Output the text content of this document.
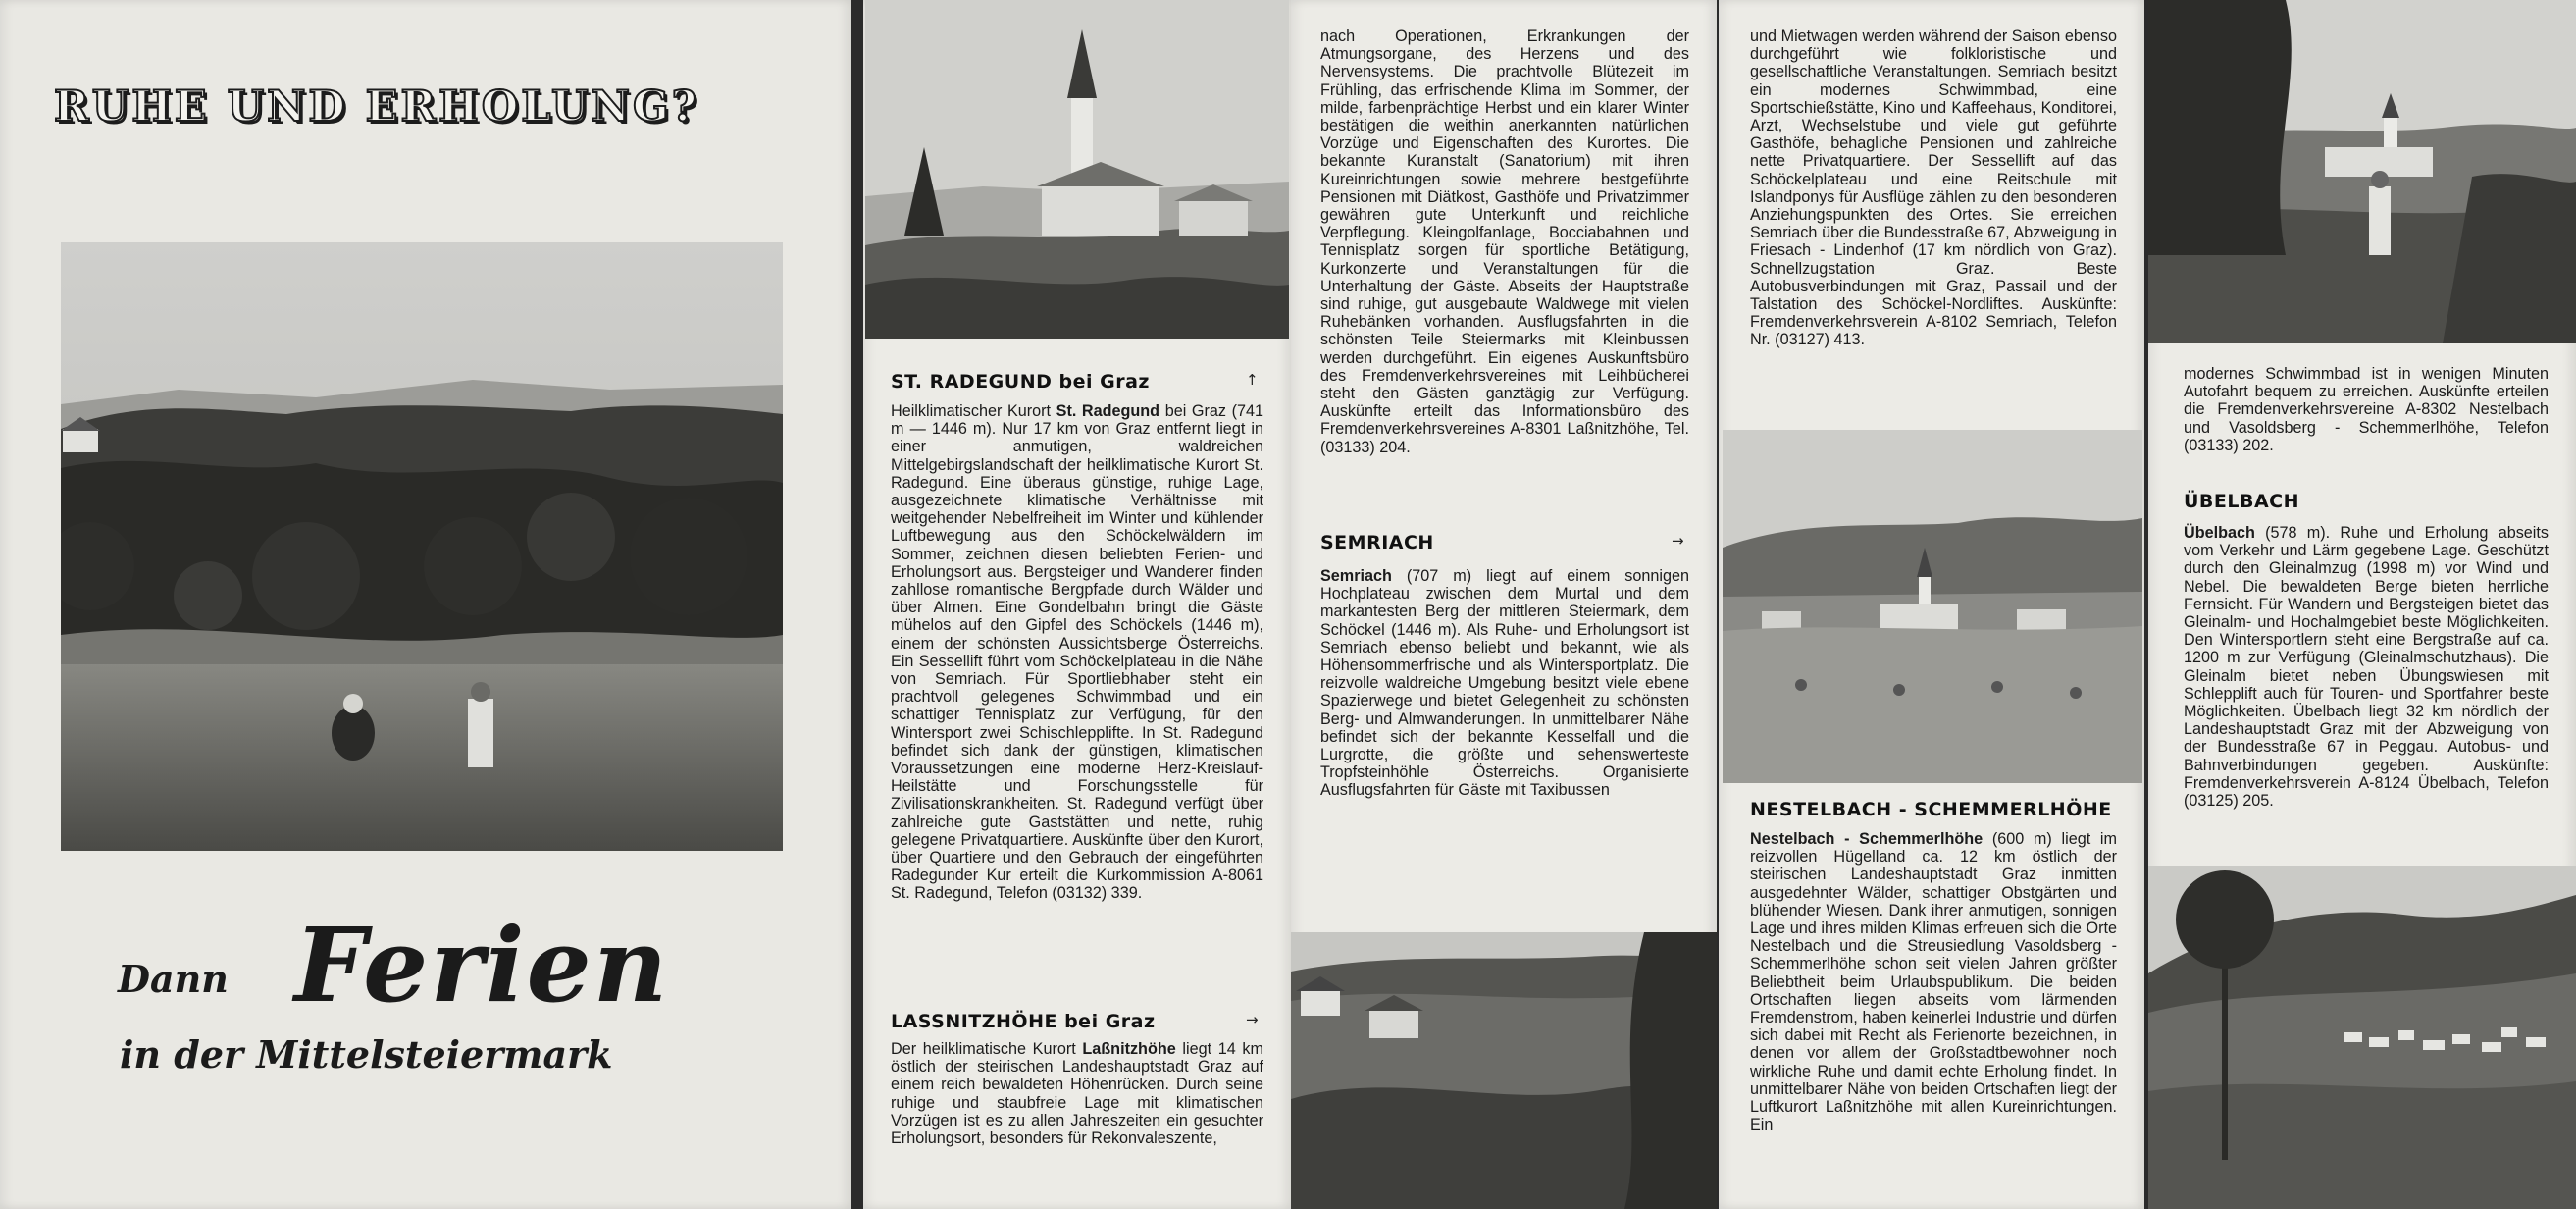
RUHE UND ERHOLUNG?
Dann Ferien
in der Mittelsteiermark
ST. RADEGUND bei Graz	↑
Heilklimatischer Kurort St. Radegund bei Graz (741 m — 1446 m). Nur 17 km von Graz entfernt liegt in einer anmutigen, waldreichen Mittelgebirgslandschaft der heilklimatische Kurort St. Radegund. Eine überaus günstige, ruhige Lage, ausgezeichnete klimatische Verhältnisse mit weitgehender Nebelfreiheit im Winter und kühlender Luftbewegung aus den Schöckelwäldern im Sommer, zeichnen diesen beliebten Ferien- und Erholungsort aus. Bergsteiger und Wanderer finden zahllose romantische Bergpfade durch Wälder und über Almen. Eine Gondelbahn bringt die Gäste mühelos auf den Gipfel des Schöckels (1446 m), einem der schönsten Aussichtsberge Österreichs. Ein Sessellift führt vom Schöckelplateau in die Nähe von Semriach. Für Sportliebhaber steht ein prachtvoll gelegenes Schwimmbad und ein schattiger Tennisplatz zur Verfügung, für den Wintersport zwei Schischlepplifte. In St. Radegund befindet sich dank der günstigen, klimatischen Voraussetzungen eine moderne Herz-Kreislauf-Heilstätte und Forschungsstelle für Zivilisationskrankheiten. St. Radegund verfügt über zahlreiche gute Gaststätten und nette, ruhig gelegene Privatquartiere. Auskünfte über den Kurort, über Quartiere und den Gebrauch der eingeführten Radegunder Kur erteilt die Kurkommission A-8061 St. Radegund, Telefon (03132) 339.
LASSNITZHÖHE bei Graz	→
Der heilklimatische Kurort Laßnitzhöhe liegt 14 km östlich der steirischen Landeshauptstadt Graz auf einem reich bewaldeten Höhenrücken. Durch seine ruhige und staubfreie Lage mit klimatischen Vorzügen ist es zu allen Jahreszeiten ein gesuchter Erholungsort, besonders für Rekonvaleszente,
nach Operationen, Erkrankungen der Atmungsorgane, des Herzens und des Nervensystems. Die prachtvolle Blütezeit im Frühling, das erfrischende Klima im Sommer, der milde, farbenprächtige Herbst und ein klarer Winter bestätigen die weithin anerkannten natürlichen Vorzüge und Eigenschaften des Kurortes. Die bekannte Kuranstalt (Sanatorium) mit ihren Kureinrichtungen sowie mehrere bestgeführte Pensionen mit Diätkost, Gasthöfe und Privatzimmer gewähren gute Unterkunft und reichliche Verpflegung. Kleingolfanlage, Bocciabahnen und Tennisplatz sorgen für sportliche Betätigung, Kurkonzerte und Veranstaltungen für die Unterhaltung der Gäste. Abseits der Hauptstraße sind ruhige, gut ausgebaute Waldwege mit vielen Ruhebänken vorhanden. Ausflugsfahrten in die schönsten Teile Steiermarks mit Kleinbussen werden durchgeführt. Ein eigenes Auskunftsbüro des Fremdenverkehrsvereines mit Leihbücherei steht den Gästen ganztägig zur Verfügung. Auskünfte erteilt das Informationsbüro des Fremdenverkehrsvereines A-8301 Laßnitzhöhe, Tel. (03133) 204.
SEMRIACH	→
Semriach (707 m) liegt auf einem sonnigen Hochplateau zwischen dem Murtal und dem markantesten Berg der mittleren Steiermark, dem Schöckel (1446 m). Als Ruhe- und Erholungsort ist Semriach ebenso beliebt und bekannt, wie als Höhensommerfrische und als Wintersportplatz. Die reizvolle waldreiche Umgebung besitzt viele ebene Spazierwege und bietet Gelegenheit zu schönsten Berg- und Almwanderungen. In unmittelbarer Nähe befindet sich der bekannte Kesselfall und die Lurgrotte, die größte und sehenswerteste Tropfsteinhöhle Österreichs. Organisierte Ausflugsfahrten für Gäste mit Taxibussen
und Mietwagen werden während der Saison ebenso durchgeführt wie folkloristische und gesellschaftliche Veranstaltungen. Semriach besitzt ein modernes Schwimmbad, eine Sportschießstätte, Kino und Kaffeehaus, Konditorei, Arzt, Wechselstube und viele gut geführte Gasthöfe, behagliche Pensionen und zahlreiche nette Privatquartiere. Der Sessellift auf das Schöckelplateau und eine Reitschule mit Islandponys für Ausflüge zählen zu den besonderen Anziehungspunkten des Ortes. Sie erreichen Semriach über die Bundesstraße 67, Abzweigung in Friesach - Lindenhof (17 km nördlich von Graz). Schnellzugstation Graz. Beste Autobusverbindungen mit Graz, Passail und der Talstation des Schöckel-Nordliftes. Auskünfte: Fremdenverkehrsverein A-8102 Semriach, Telefon Nr. (03127) 413.
NESTELBACH - SCHEMMERLHÖHE
Nestelbach - Schemmerlhöhe (600 m) liegt im reizvollen Hügelland ca. 12 km östlich der steirischen Landeshauptstadt Graz inmitten ausgedehnter Wälder, schattiger Obstgärten und blühender Wiesen. Dank ihrer anmutigen, sonnigen Lage und ihres milden Klimas erfreuen sich die Orte Nestelbach und die Streusiedlung Vasoldsberg - Schemmerlhöhe schon seit vielen Jahren größter Beliebtheit beim Urlaubspublikum. Die beiden Ortschaften liegen abseits vom lärmenden Fremdenstrom, haben keinerlei Industrie und dürfen sich dabei mit Recht als Ferienorte bezeichnen, in denen vor allem der Großstadtbewohner noch wirkliche Ruhe und damit echte Erholung findet. In unmittelbarer Nähe von beiden Ortschaften liegt der Luftkurort Laßnitzhöhe mit allen Kureinrichtungen. Ein
modernes Schwimmbad ist in wenigen Minuten Autofahrt bequem zu erreichen. Auskünfte erteilen die Fremdenverkehrsvereine A-8302 Nestelbach und Vasoldsberg - Schemmerlhöhe, Telefon (03133) 202.
ÜBELBACH
Übelbach (578 m). Ruhe und Erholung abseits vom Verkehr und Lärm gegebene Lage. Geschützt durch den Gleinalmzug (1998 m) vor Wind und Nebel. Die bewaldeten Berge bieten herrliche Fernsicht. Für Wandern und Bergsteigen bietet das Gleinalm- und Hochalmgebiet beste Möglichkeiten. Den Wintersportlern steht eine Bergstraße auf ca. 1200 m zur Verfügung (Gleinalmschutzhaus). Die Gleinalm bietet neben Übungswiesen mit Schlepplift auch für Touren- und Sportfahrer beste Möglichkeiten. Übelbach liegt 32 km nördlich der Landeshauptstadt Graz mit der Abzweigung von der Bundesstraße 67 in Peggau. Autobus- und Bahnverbindungen gegeben. Auskünfte: Fremdenverkehrsverein A-8124 Übelbach, Telefon (03125) 205.
